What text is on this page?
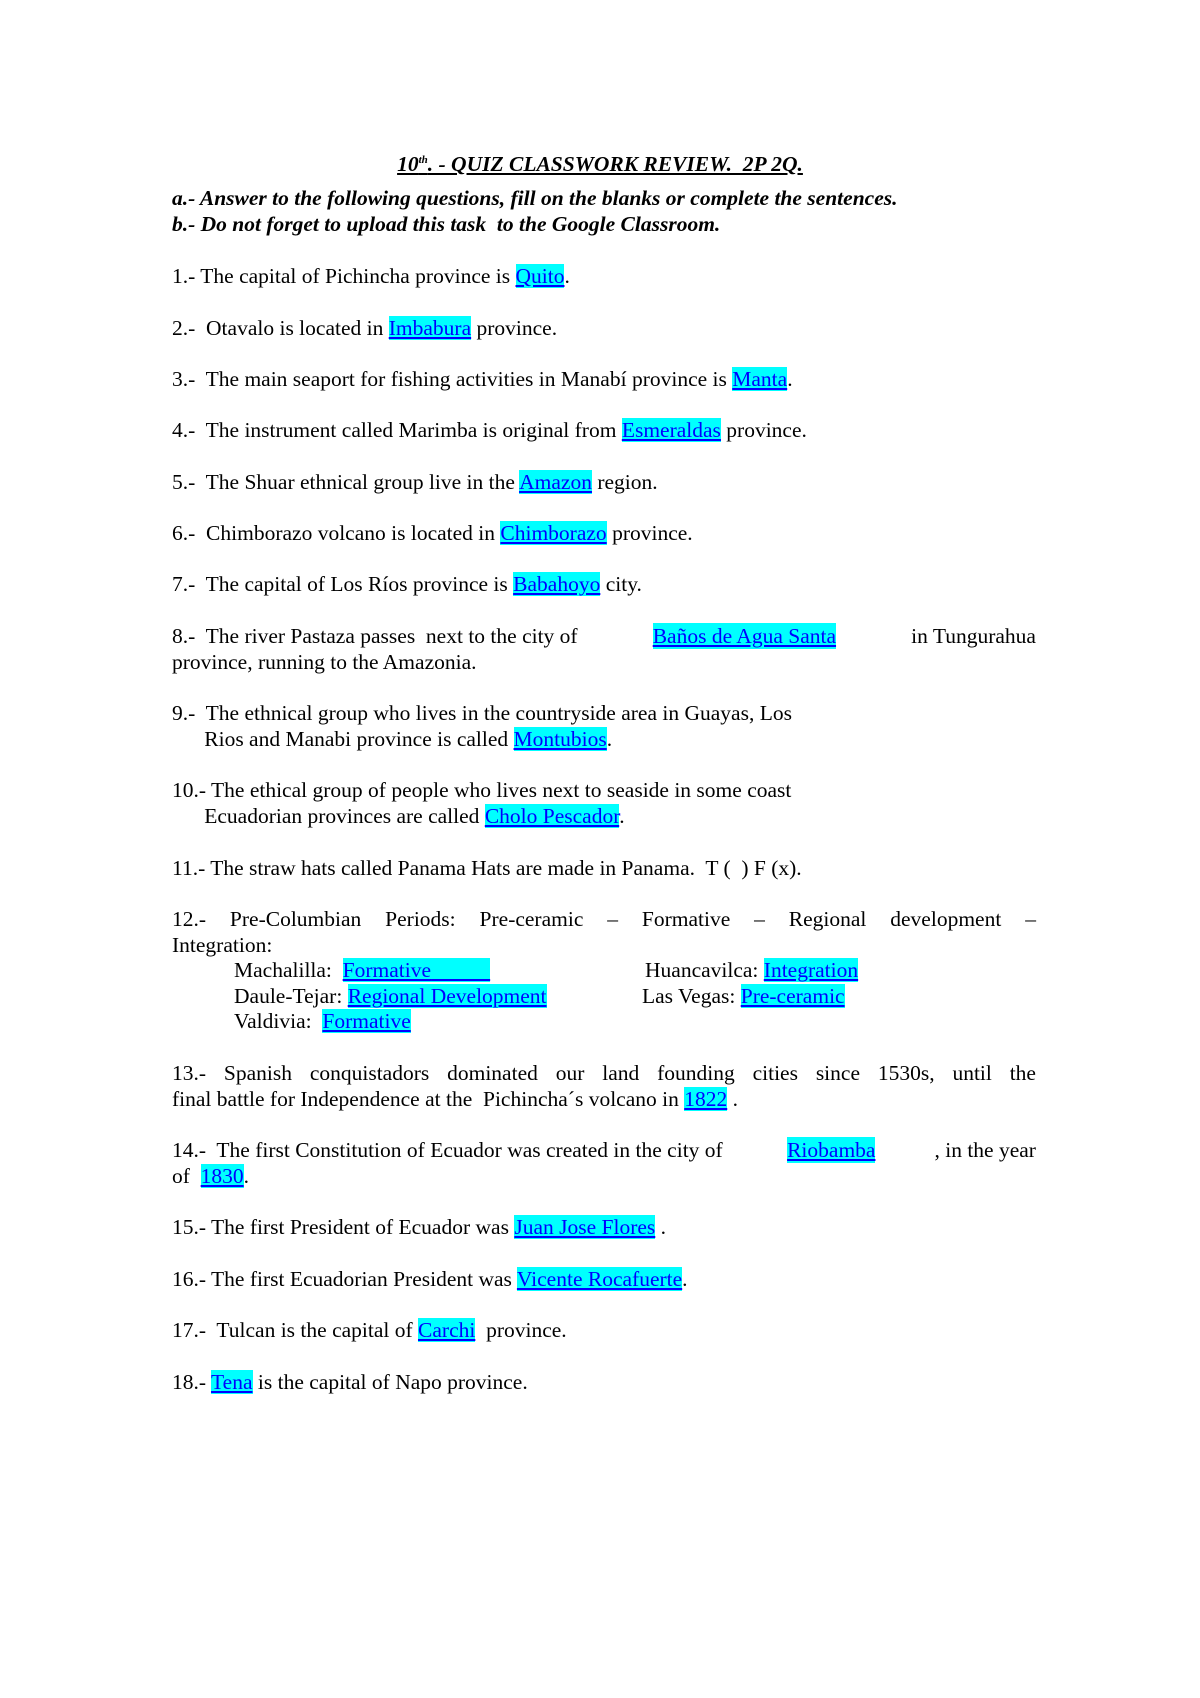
10th. - QUIZ CLASSWORK REVIEW.  2P 2Q.
a.- Answer to the following questions, fill on the blanks or complete the sentences.
b.- Do not forget to upload this task  to the Google Classroom.
1.- The capital of Pichincha province is Quito.
2.-  Otavalo is located in Imbabura province.
3.-  The main seaport for fishing activities in Manabí province is Manta.
4.-  The instrument called Marimba is original from Esmeraldas province.
5.-  The Shuar ethnical group live in the Amazon region.
6.-  Chimborazo volcano is located in Chimborazo province.
7.-  The capital of Los Ríos province is Babahoyo city.
8.-  The river Pastaza passes  next to the city of	Baños de Agua Santa	in Tungurahua
province, running to the Amazonia.
9.-  The ethnical group who lives in the countryside area in Guayas, Los
Rios and Manabi province is called Montubios.
10.- The ethical group of people who lives next to seaside in some coast
Ecuadorian provinces are called Cholo Pescador.
11.- The straw hats called Panama Hats are made in Panama.  T (  ) F (x).
12.- Pre-Columbian Periods: Pre-ceramic – Formative – Regional development –
Integration:
Machalilla:  Formative	Huancavilca: Integration
Daule-Tejar: Regional Development	Las Vegas: Pre-ceramic
Valdivia:  Formative
13.- Spanish conquistadors dominated our land founding cities since 1530s, until the
final battle for Independence at the  Pichincha´s volcano in 1822 .
14.-  The first Constitution of Ecuador was created in the city of	Riobamba	, in the year
of  1830.
15.- The first President of Ecuador was Juan Jose Flores .
16.- The first Ecuadorian President was Vicente Rocafuerte.
17.-  Tulcan is the capital of Carchi  province.
18.- Tena is the capital of Napo province.
